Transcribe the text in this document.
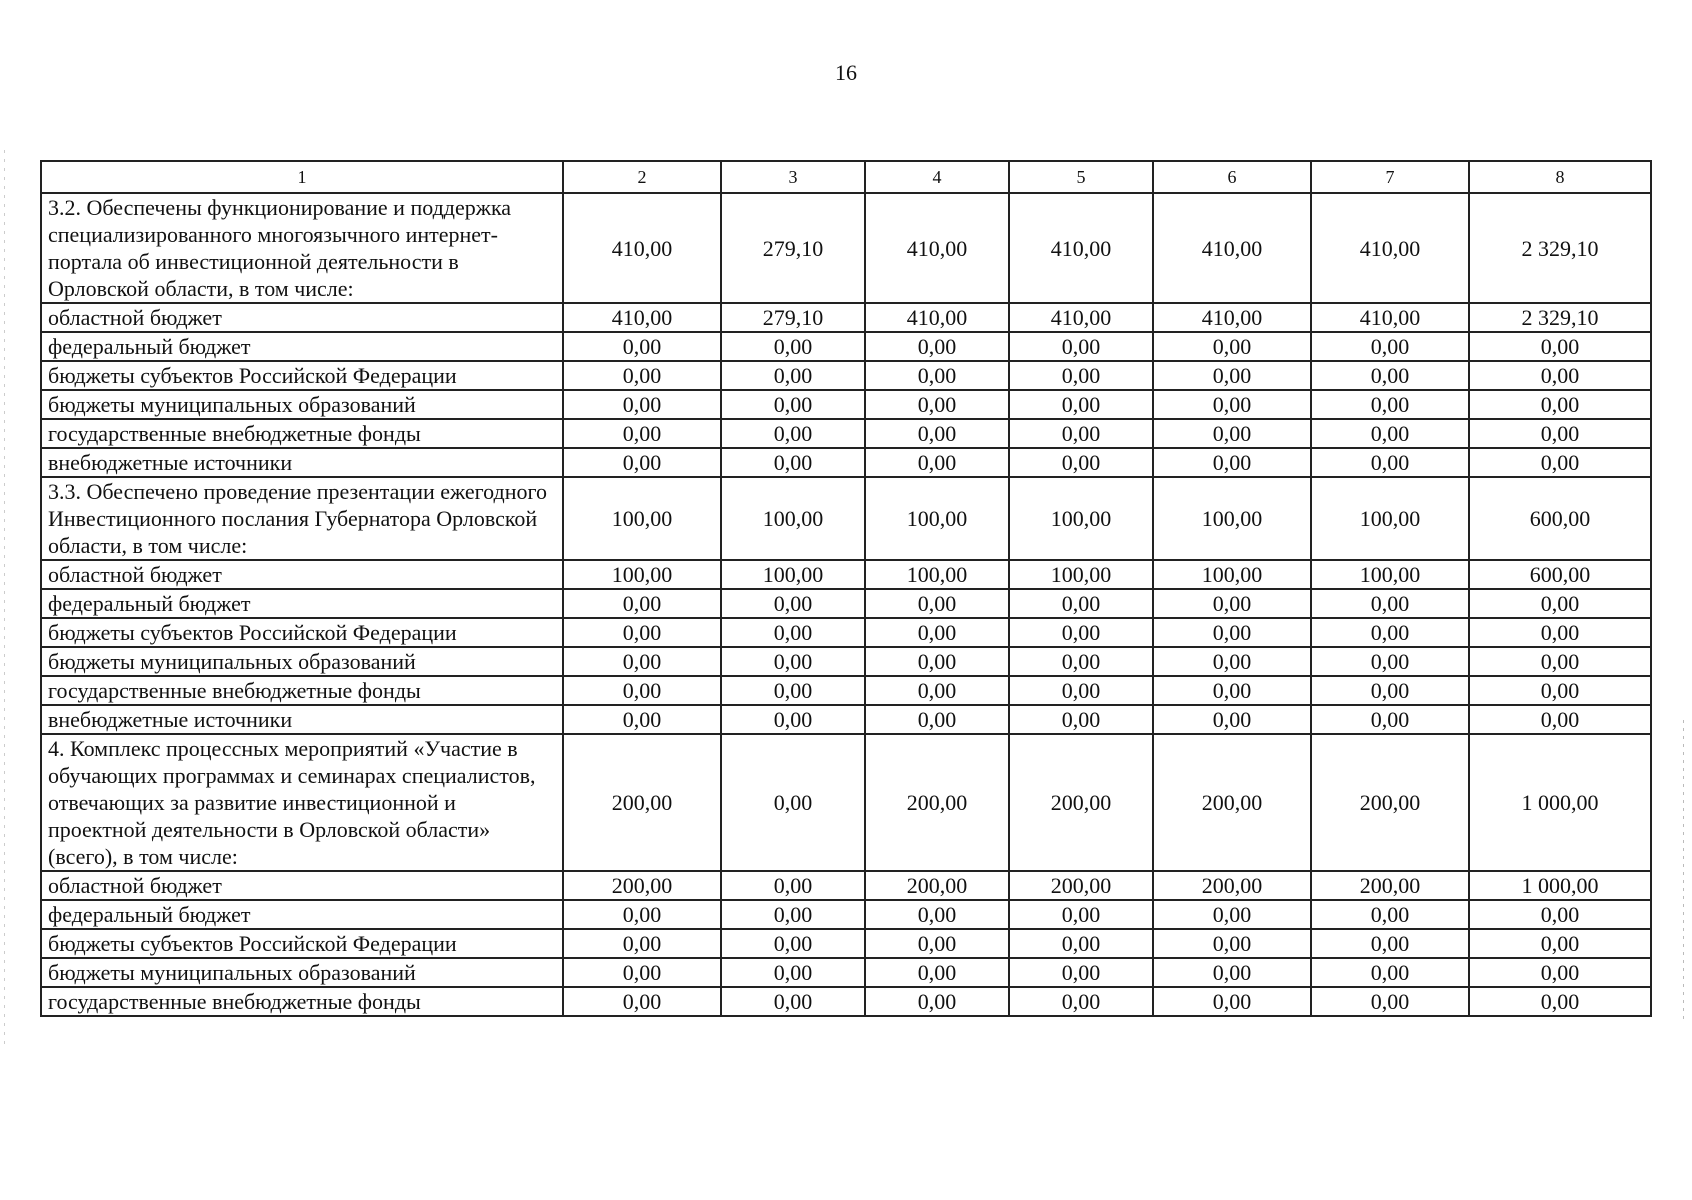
16
1	2	3	4	5	6	7	8
3.2. Обеспечены функционирование и поддержка специализированного многоязычного интернет-портала об инвестиционной деятельности в Орловской области, в том числе:	410,00	279,10	410,00	410,00	410,00	410,00	2 329,10
областной бюджет	410,00	279,10	410,00	410,00	410,00	410,00	2 329,10
федеральный бюджет	0,00	0,00	0,00	0,00	0,00	0,00	0,00
бюджеты субъектов Российской Федерации	0,00	0,00	0,00	0,00	0,00	0,00	0,00
бюджеты муниципальных образований	0,00	0,00	0,00	0,00	0,00	0,00	0,00
государственные внебюджетные фонды	0,00	0,00	0,00	0,00	0,00	0,00	0,00
внебюджетные источники	0,00	0,00	0,00	0,00	0,00	0,00	0,00
3.3. Обеспечено проведение презентации ежегодного Инвестиционного послания Губернатора Орловской области, в том числе:	100,00	100,00	100,00	100,00	100,00	100,00	600,00
областной бюджет	100,00	100,00	100,00	100,00	100,00	100,00	600,00
федеральный бюджет	0,00	0,00	0,00	0,00	0,00	0,00	0,00
бюджеты субъектов Российской Федерации	0,00	0,00	0,00	0,00	0,00	0,00	0,00
бюджеты муниципальных образований	0,00	0,00	0,00	0,00	0,00	0,00	0,00
государственные внебюджетные фонды	0,00	0,00	0,00	0,00	0,00	0,00	0,00
внебюджетные источники	0,00	0,00	0,00	0,00	0,00	0,00	0,00
4. Комплекс процессных мероприятий «Участие в обучающих программах и семинарах специалистов, отвечающих за развитие инвестиционной и проектной деятельности в Орловской области» (всего), в том числе:	200,00	0,00	200,00	200,00	200,00	200,00	1 000,00
областной бюджет	200,00	0,00	200,00	200,00	200,00	200,00	1 000,00
федеральный бюджет	0,00	0,00	0,00	0,00	0,00	0,00	0,00
бюджеты субъектов Российской Федерации	0,00	0,00	0,00	0,00	0,00	0,00	0,00
бюджеты муниципальных образований	0,00	0,00	0,00	0,00	0,00	0,00	0,00
государственные внебюджетные фонды	0,00	0,00	0,00	0,00	0,00	0,00	0,00
